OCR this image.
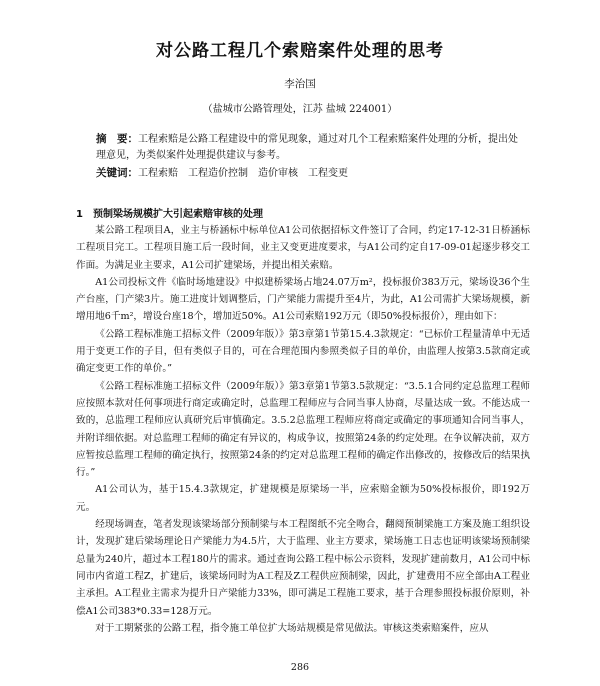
对公路工程几个索赔案件处理的思考
李治国
（盐城市公路管理处，江苏 盐城 224001）
摘　要：工程索赔是公路工程建设中的常见现象，通过对几个工程索赔案件处理的分析，提出处理意见，为类似案件处理提供建议与参考。
关键词：工程索赔　工程造价控制　造价审核　工程变更
1　预制梁场规模扩大引起索赔审核的处理

某公路工程项目A，业主与桥涵标中标单位A1公司依据招标文件签订了合同，约定17-12-31日桥涵标工程项目完工。工程项目施工后一段时间，业主又变更进度要求，与A1公司约定自17-09-01起逐步移交工作面。为满足业主要求，A1公司扩建梁场，并提出相关索赔。

A1公司投标文件《临时场地建设》中拟建桥梁场占地24.07万m²，投标报价383万元，梁场设36个生产台座，门产梁3片。施工进度计划调整后，门产梁能力需提升至4片，为此，A1公司需扩大梁场规模，新增用地6千m²，增设台座18个，增加近50%。A1公司索赔192万元（即50%投标报价），理由如下：

《公路工程标准施工招标文件（2009年版）》第3章第1节第15.4.3款规定：“已标价工程量清单中无适用于变更工作的子目，但有类似子目的，可在合理范围内参照类似子目的单价，由监理人按第3.5款商定或确定变更工作的单价。”

《公路工程标准施工招标文件（2009年版）》第3章第1节第3.5款规定：“3.5.1合同约定总监理工程师应按照本款对任何事项进行商定或确定时，总监理工程师应与合同当事人协商，尽量达成一致。不能达成一致的，总监理工程师应认真研究后审慎确定。3.5.2总监理工程师应将商定或确定的事项通知合同当事人，并附详细依据。对总监理工程师的确定有异议的，构成争议，按照第24条的约定处理。在争议解决前，双方应暂按总监理工程师的确定执行，按照第24条的约定对总监理工程师的确定作出修改的，按修改后的结果执行。”

A1公司认为，基于15.4.3款规定，扩建规模是原梁场一半，应索赔金额为50%投标报价，即192万元。

经现场调查，笔者发现该梁场部分预制梁与本工程图纸不完全吻合，翻阅预制梁施工方案及施工组织设计，发现扩建后梁场理论日产梁能力为4.5片，大于监理、业主方要求，梁场施工日志也证明该梁场预制梁总量为240片，超过本工程180片的需求。通过查询公路工程中标公示资料，发现扩建前数月，A1公司中标同市内省道工程Z，扩建后，该梁场同时为A工程及Z工程供应预制梁，因此，扩建费用不应全部由A工程业主承担。A工程业主需求为提升日产梁能力33%，即可满足工程施工要求，基于合理参照投标报价原则，补偿A1公司383*0.33=128万元。

对于工期紧张的公路工程，指令施工单位扩大场站规模是常见做法。审核这类索赔案件，应从

286
